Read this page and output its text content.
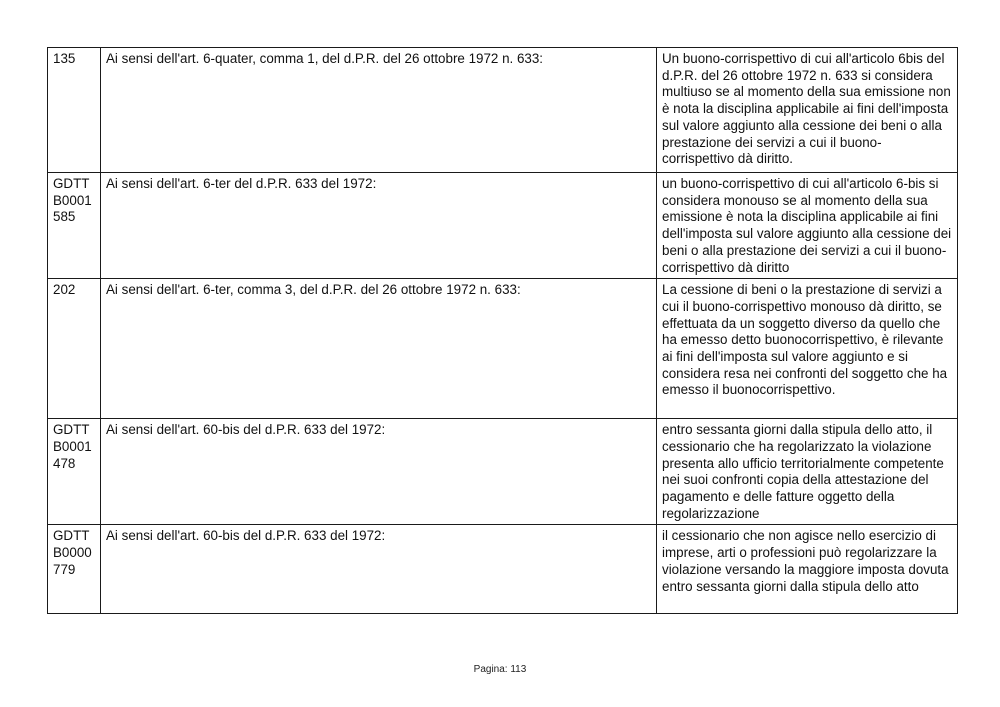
135	Ai sensi dell'art. 6-quater, comma 1, del d.P.R. del 26 ottobre 1972 n. 633:	Un buono-corrispettivo di cui all'articolo 6bis del d.P.R. del 26 ottobre 1972 n. 633 si considera multiuso se al momento della sua emissione non è nota la disciplina applicabile ai fini dell'imposta sul valore aggiunto alla cessione dei beni o alla prestazione dei servizi a cui il buono-corrispettivo dà diritto.
GDTT B0001 585	Ai sensi dell'art. 6-ter del d.P.R. 633 del 1972:	un buono-corrispettivo di cui all'articolo 6-bis si considera monouso se al momento della sua emissione è nota la disciplina applicabile ai fini dell'imposta sul valore aggiunto alla cessione dei beni o alla prestazione dei servizi a cui il buono- corrispettivo dà diritto
202	Ai sensi dell'art. 6-ter, comma 3, del d.P.R. del 26 ottobre 1972 n. 633:	La cessione di beni o la prestazione di servizi a cui il buono-corrispettivo monouso dà diritto, se effettuata da un soggetto diverso da quello che ha emesso detto buonocorrispettivo, è rilevante ai fini dell'imposta sul valore aggiunto e si considera resa nei confronti del soggetto che ha emesso il buonocorrispettivo.
GDTT B0001 478	Ai sensi dell'art. 60-bis del d.P.R. 633 del 1972:	entro sessanta giorni dalla stipula dello atto, il cessionario che ha regolarizzato la violazione presenta allo ufficio territorialmente competente nei suoi confronti copia della attestazione del pagamento e delle fatture oggetto della regolarizzazione
GDTT B0000 779	Ai sensi dell'art. 60-bis del d.P.R. 633 del 1972:	il cessionario che non agisce nello esercizio di imprese, arti o professioni può regolarizzare la violazione versando la maggiore imposta dovuta entro sessanta giorni dalla stipula dello atto
Pagina: 113
